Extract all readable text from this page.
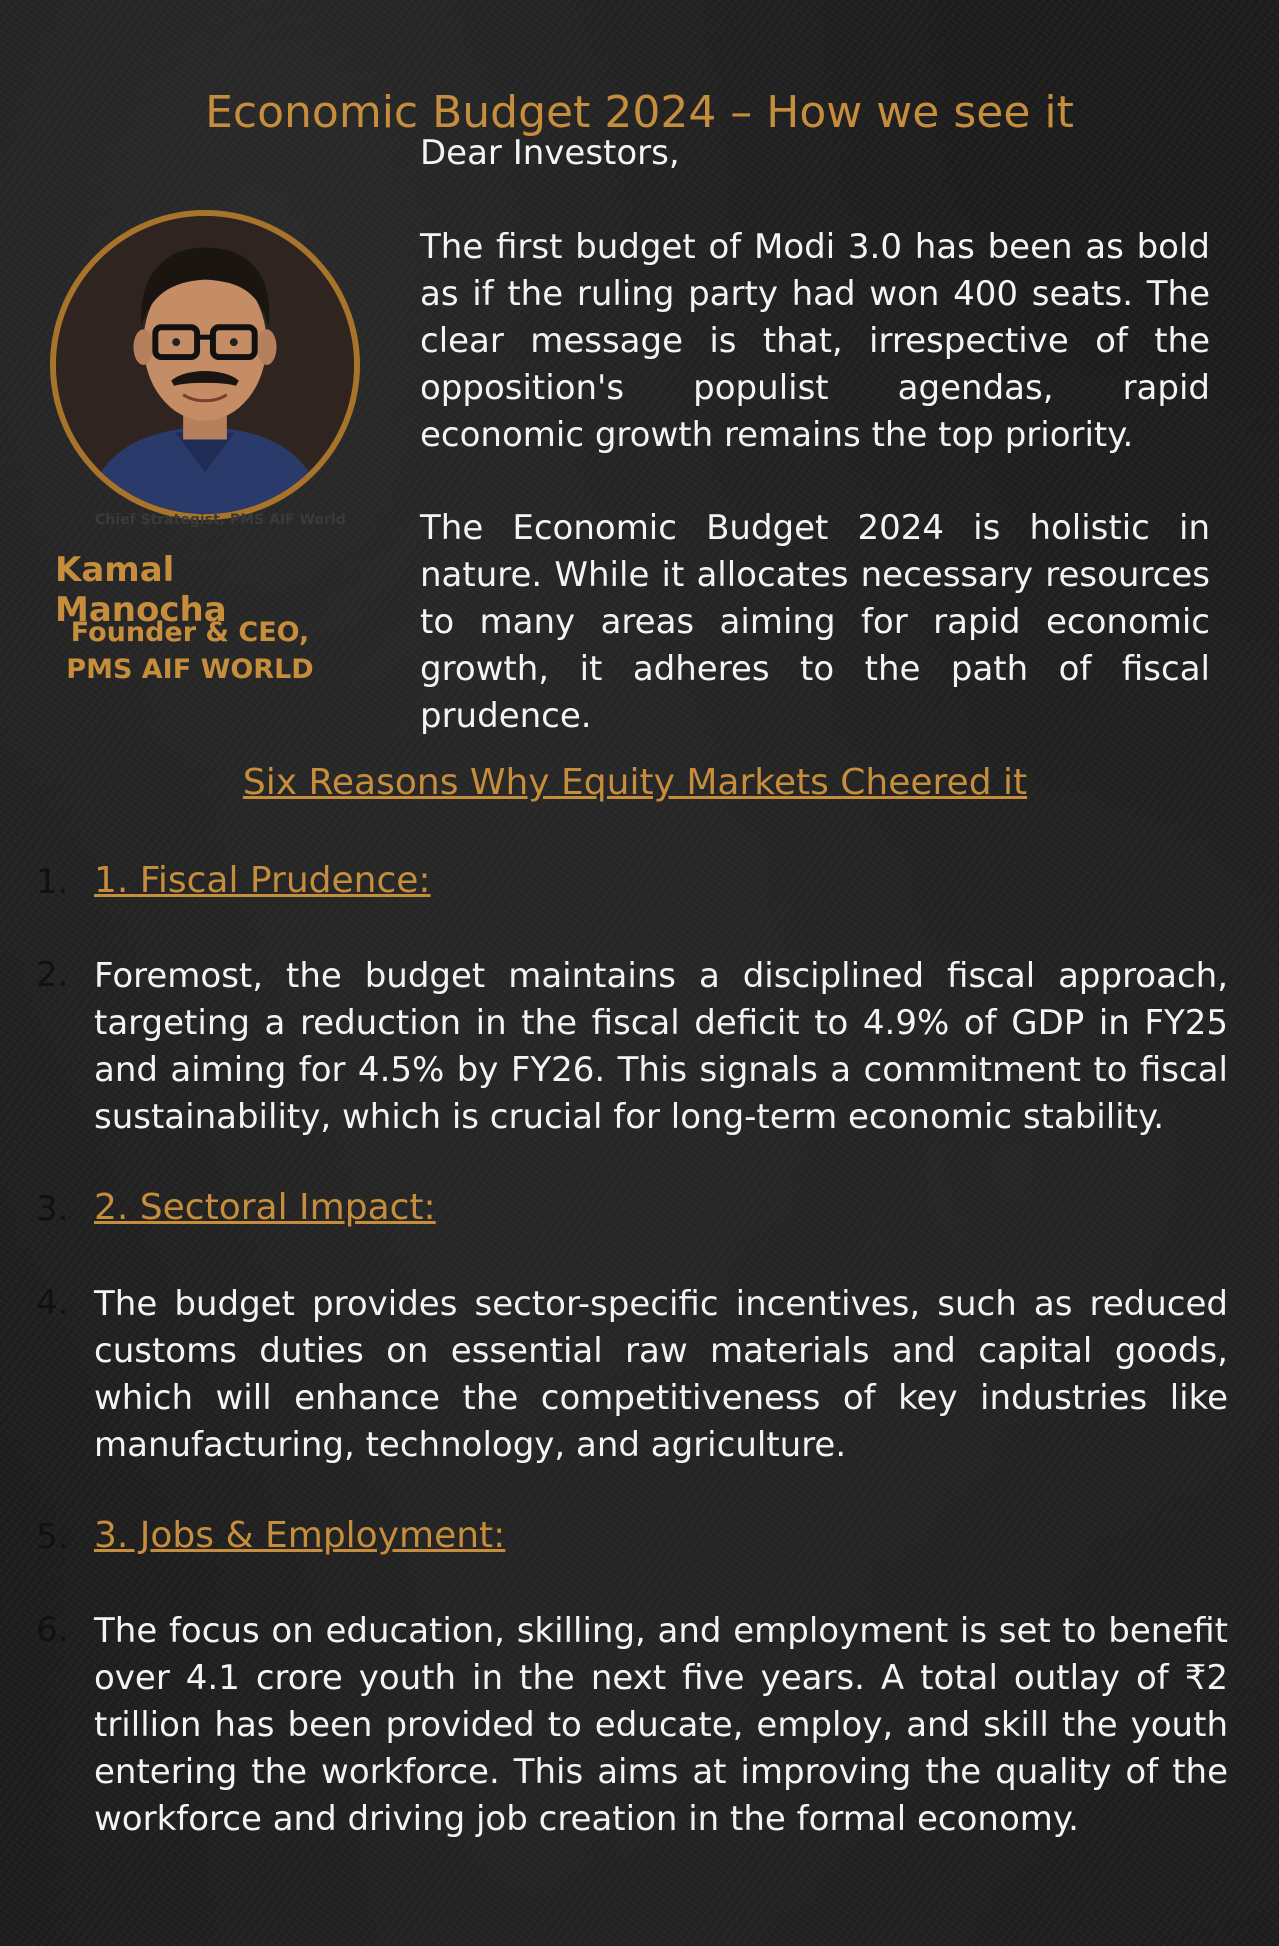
Economic Budget 2024 – How we see it
Chief Strategist, PMS AIF World
Kamal Manocha
Founder & CEO,
PMS AIF WORLD
Dear Investors,
The first budget of Modi 3.0 has been as bold as if the ruling party had won 400 seats. The clear message is that, irrespective of the opposition's populist agendas, rapid economic growth remains the top priority.
The Economic Budget 2024 is holistic in nature. While it allocates necessary resources to many areas aiming for rapid economic growth, it adheres to the path of fiscal prudence.
Six Reasons Why Equity Markets Cheered it
1.
2.
3.
4.
5.
6.
1. Fiscal Prudence:
Foremost, the budget maintains a disciplined fiscal approach, targeting a reduction in the fiscal deficit to 4.9% of GDP in FY25 and aiming for 4.5% by FY26. This signals a commitment to fiscal sustainability, which is crucial for long-term economic stability.
2. Sectoral Impact:
The budget provides sector-specific incentives, such as reduced customs duties on essential raw materials and capital goods, which will enhance the competitiveness of key industries like manufacturing, technology, and agriculture.
3. Jobs & Employment:
The focus on education, skilling, and employment is set to benefit over 4.1 crore youth in the next five years. A total outlay of ₹2 trillion has been provided to educate, employ, and skill the youth entering the workforce. This aims at improving the quality of the workforce and driving job creation in the formal economy.
